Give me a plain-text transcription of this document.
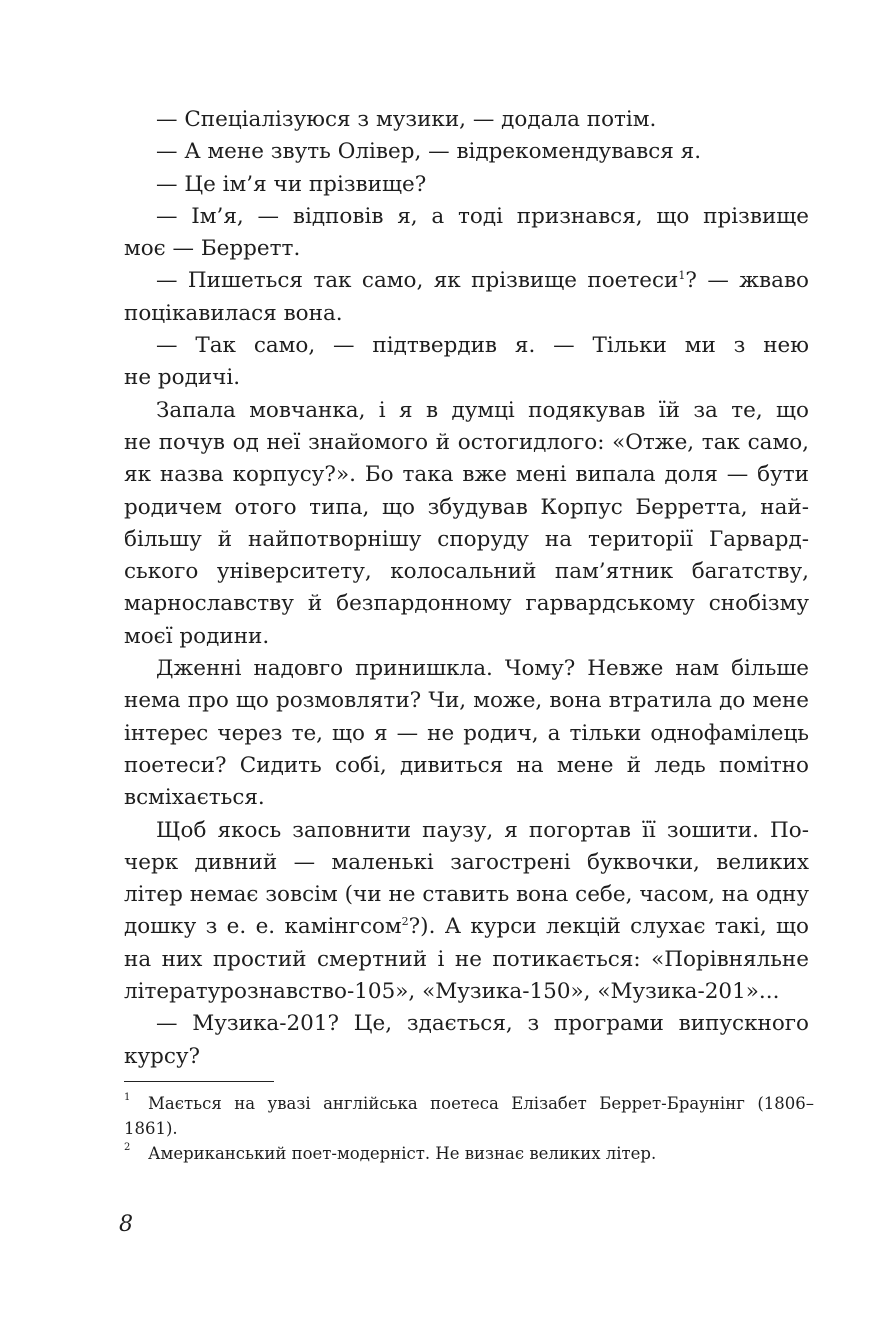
— Спеціалізуюся з музики, — додала потім.
— А мене звуть Олівер, — відрекомендувався я.
— Це ім’я чи прізвище?
— Ім’я, — відповів я, а тоді признався, що прізвище
моє — Берретт.
— Пишеться так само, як прізвище поетеси$^1$? — жваво
поцікавилася вона.
— Так само, — підтвердив я. — Тільки ми з нею
не родичі.
Запала мовчанка, і я в думці подякував їй за те, що
не почув од неї знайомого й остогидлого: «Отже, так само,
як назва корпусу?». Бо така вже мені випала доля — бути
родичем отого типа, що збудував Корпус Берретта, най-
більшу й найпотворнішу споруду на території Гарвард-
ського університету, колосальний пам’ятник багатству,
марнославству й безпардонному гарвардському снобізму
моєї родини.
Дженні надовго принишкла. Чому? Невже нам більше
нема про що розмовляти? Чи, може, вона втратила до мене
інтерес через те, що я — не родич, а тільки однофамілець
поетеси? Сидить собі, дивиться на мене й ледь помітно
всміхається.
Щоб якось заповнити паузу, я погортав її зошити. По-
черк дивний — маленькі загострені буквочки, великих
літер немає зовсім (чи не ставить вона себе, часом, на одну
дошку з е. е. камінгсом$^2$?). А курси лекцій слухає такі, що
на них простий смертний і не потикається: «Порівняльне
літературознавство-105», «Музика-150», «Музика-201»...
— Музика-201? Це, здається, з програми випускного
курсу?
1 Мається на увазі англійська поетеса Елізабет Беррет-Браунінг (1806–
1861).
2 Американський поет-модерніст. Не визнає великих літер.
8
